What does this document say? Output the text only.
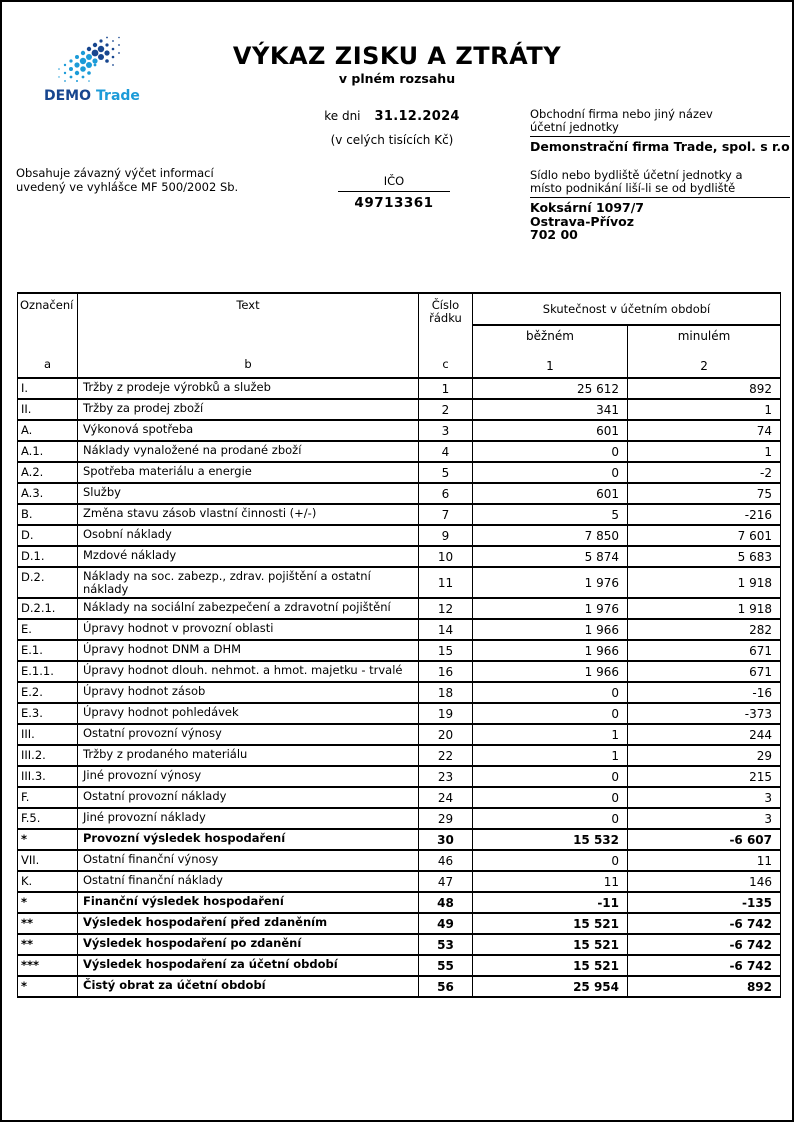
DEMO Trade
VÝKAZ ZISKU A ZTRÁTY
v plném rozsahu
ke dni 31.12.2024
(v celých tisících Kč)
Obsahuje závazný výčet informací
uvedený ve vyhlášce MF 500/2002 Sb.	IČO
49713361
Obchodní firma nebo jiný název
účetní jednotky
Demonstrační firma Trade, spol. s r.o
Sídlo nebo bydliště účetní jednotky a
místo podnikání liší-li se od bydliště
Koksární 1097/7
Ostrava-Přívoz
702 00
Označení
a

Text
b

Číslo řádku
c
	Skutečnost v účetním období

běžném
1

minulém
2

I.	Tržby z prodeje výrobků a služeb	1	25 612	892
II.	Tržby za prodej zboží	2	341	1
A.	Výkonová spotřeba	3	601	74
A.1.	Náklady vynaložené na prodané zboží	4	0	1
A.2.	Spotřeba materiálu a energie	5	0	-2
A.3.	Služby	6	601	75
B.	Změna stavu zásob vlastní činnosti (+/-)	7	5	-216
D.	Osobní náklady	9	7 850	7 601
D.1.	Mzdové náklady	10	5 874	5 683
D.2.	Náklady na soc. zabezp., zdrav. pojištění a ostatní náklady	11	1 976	1 918
D.2.1.	Náklady na sociální zabezpečení a zdravotní pojištění	12	1 976	1 918
E.	Úpravy hodnot v provozní oblasti	14	1 966	282
E.1.	Úpravy hodnot DNM a DHM	15	1 966	671
E.1.1.	Úpravy hodnot dlouh. nehmot. a hmot. majetku - trvalé	16	1 966	671
E.2.	Úpravy hodnot zásob	18	0	-16
E.3.	Úpravy hodnot pohledávek	19	0	-373
III.	Ostatní provozní výnosy	20	1	244
III.2.	Tržby z prodaného materiálu	22	1	29
III.3.	Jiné provozní výnosy	23	0	215
F.	Ostatní provozní náklady	24	0	3
F.5.	Jiné provozní náklady	29	0	3
*	Provozní výsledek hospodaření	30	15 532	-6 607
VII.	Ostatní finanční výnosy	46	0	11
K.	Ostatní finanční náklady	47	11	146
*	Finanční výsledek hospodaření	48	-11	-135
**	Výsledek hospodaření před zdaněním	49	15 521	-6 742
**	Výsledek hospodaření po zdanění	53	15 521	-6 742
***	Výsledek hospodaření za účetní období	55	15 521	-6 742
*	Čistý obrat za účetní období	56	25 954	892
